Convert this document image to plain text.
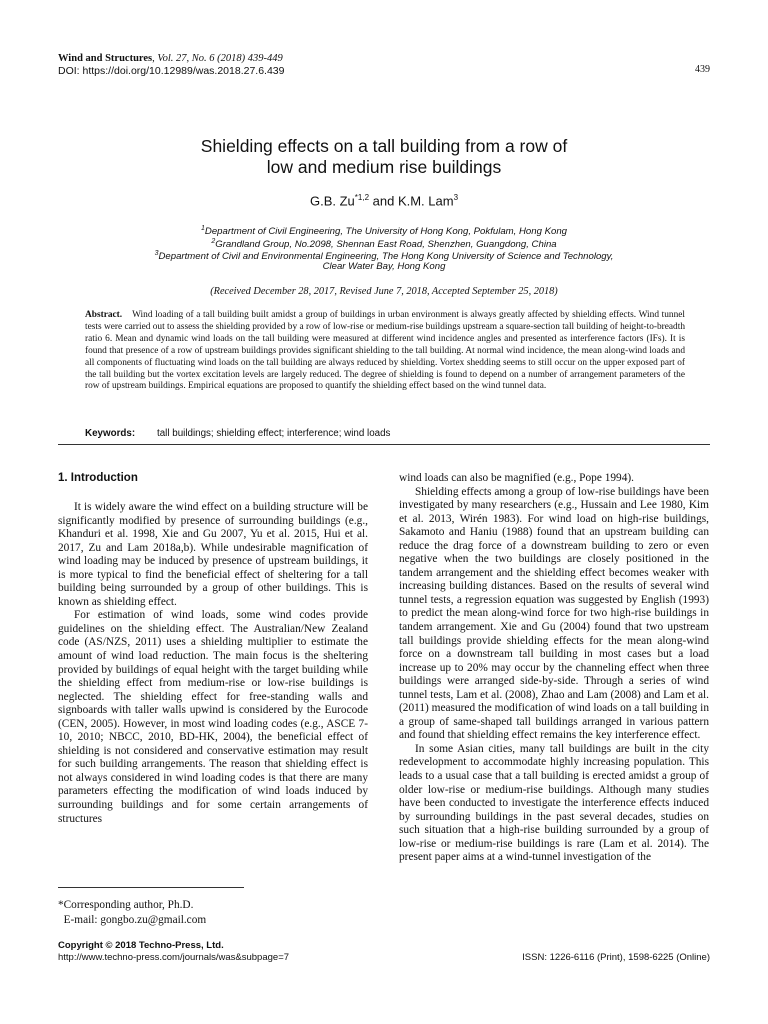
Wind and Structures, Vol. 27, No. 6 (2018) 439-449
DOI: https://doi.org/10.12989/was.2018.27.6.439	439
Shielding effects on a tall building from a row of
low and medium rise buildings
G.B. Zu$^{*1,2}$ and K.M. Lam$^3$
$^1$Department of Civil Engineering, The University of Hong Kong, Pokfulam, Hong Kong
$^2$Grandland Group, No.2098, Shennan East Road, Shenzhen, Guangdong, China
$^3$Department of Civil and Environmental Engineering, The Hong Kong University of Science and Technology,
Clear Water Bay, Hong Kong
(Received December 28, 2017, Revised June 7, 2018, Accepted September 25, 2018)
Abstract. Wind loading of a tall building built amidst a group of buildings in urban environment is always greatly affected by shielding effects. Wind tunnel tests were carried out to assess the shielding provided by a row of low-rise or medium-rise buildings upstream a square-section tall building of height-to-breadth ratio 6. Mean and dynamic wind loads on the tall building were measured at different wind incidence angles and presented as interference factors (IFs). It is found that presence of a row of upstream buildings provides significant shielding to the tall building. At normal wind incidence, the mean along-wind loads and all components of fluctuating wind loads on the tall building are always reduced by shielding. Vortex shedding seems to still occur on the upper exposed part of the tall building but the vortex excitation levels are largely reduced. The degree of shielding is found to depend on a number of arrangement parameters of the row of upstream buildings. Empirical equations are proposed to quantify the shielding effect based on the wind tunnel data.
Keywords: tall buildings; shielding effect; interference; wind loads
1. Introduction

It is widely aware the wind effect on a building structure will be significantly modified by presence of surrounding buildings (e.g., Khanduri et al. 1998, Xie and Gu 2007, Yu et al. 2015, Hui et al. 2017, Zu and Lam 2018a,b). While undesirable magnification of wind loading may be induced by presence of upstream buildings, it is more typical to find the beneficial effect of sheltering for a tall building being surrounded by a group of other buildings. This is known as shielding effect.

For estimation of wind loads, some wind codes provide guidelines on the shielding effect. The Australian/New Zealand code (AS/NZS, 2011) uses a shielding multiplier to estimate the amount of wind load reduction. The main focus is the sheltering provided by buildings of equal height with the target building while the shielding effect from medium-rise or low-rise buildings is neglected. The shielding effect for free-standing walls and signboards with taller walls upwind is considered by the Eurocode (CEN, 2005). However, in most wind loading codes (e.g., ASCE 7-10, 2010; NBCC, 2010, BD-HK, 2004), the beneficial effect of shielding is not considered and conservative estimation may result for such building arrangements. The reason that shielding effect is not always considered in wind loading codes is that there are many parameters effecting the modification of wind loads induced by surrounding buildings and for some certain arrangements of structures

wind loads can also be magnified (e.g., Pope 1994).

Shielding effects among a group of low-rise buildings have been investigated by many researchers (e.g., Hussain and Lee 1980, Kim et al. 2013, Wirén 1983). For wind load on high-rise buildings, Sakamoto and Haniu (1988) found that an upstream building can reduce the drag force of a downstream building to zero or even negative when the two buildings are closely positioned in the tandem arrangement and the shielding effect becomes weaker with increasing building distances. Based on the results of several wind tunnel tests, a regression equation was suggested by English (1993) to predict the mean along-wind force for two high-rise buildings in tandem arrangement. Xie and Gu (2004) found that two upstream tall buildings provide shielding effects for the mean along-wind force on a downstream tall building in most cases but a load increase up to 20% may occur by the channeling effect when three buildings were arranged side-by-side. Through a series of wind tunnel tests, Lam et al. (2008), Zhao and Lam (2008) and Lam et al. (2011) measured the modification of wind loads on a tall building in a group of same-shaped tall buildings arranged in various pattern and found that shielding effect remains the key interference effect.

In some Asian cities, many tall buildings are built in the city redevelopment to accommodate highly increasing population. This leads to a usual case that a tall building is erected amidst a group of older low-rise or medium-rise buildings. Although many studies have been conducted to investigate the interference effects induced by surrounding buildings in the past several decades, studies on such situation that a high-rise building surrounded by a group of low-rise or medium-rise buildings is rare (Lam et al. 2014). The present paper aims at a wind-tunnel investigation of the

*Corresponding author, Ph.D.
E-mail: gongbo.zu@gmail.com
Copyright © 2018 Techno-Press, Ltd.
http://www.techno-press.com/journals/was&subpage=7	ISSN: 1226-6116 (Print), 1598-6225 (Online)
